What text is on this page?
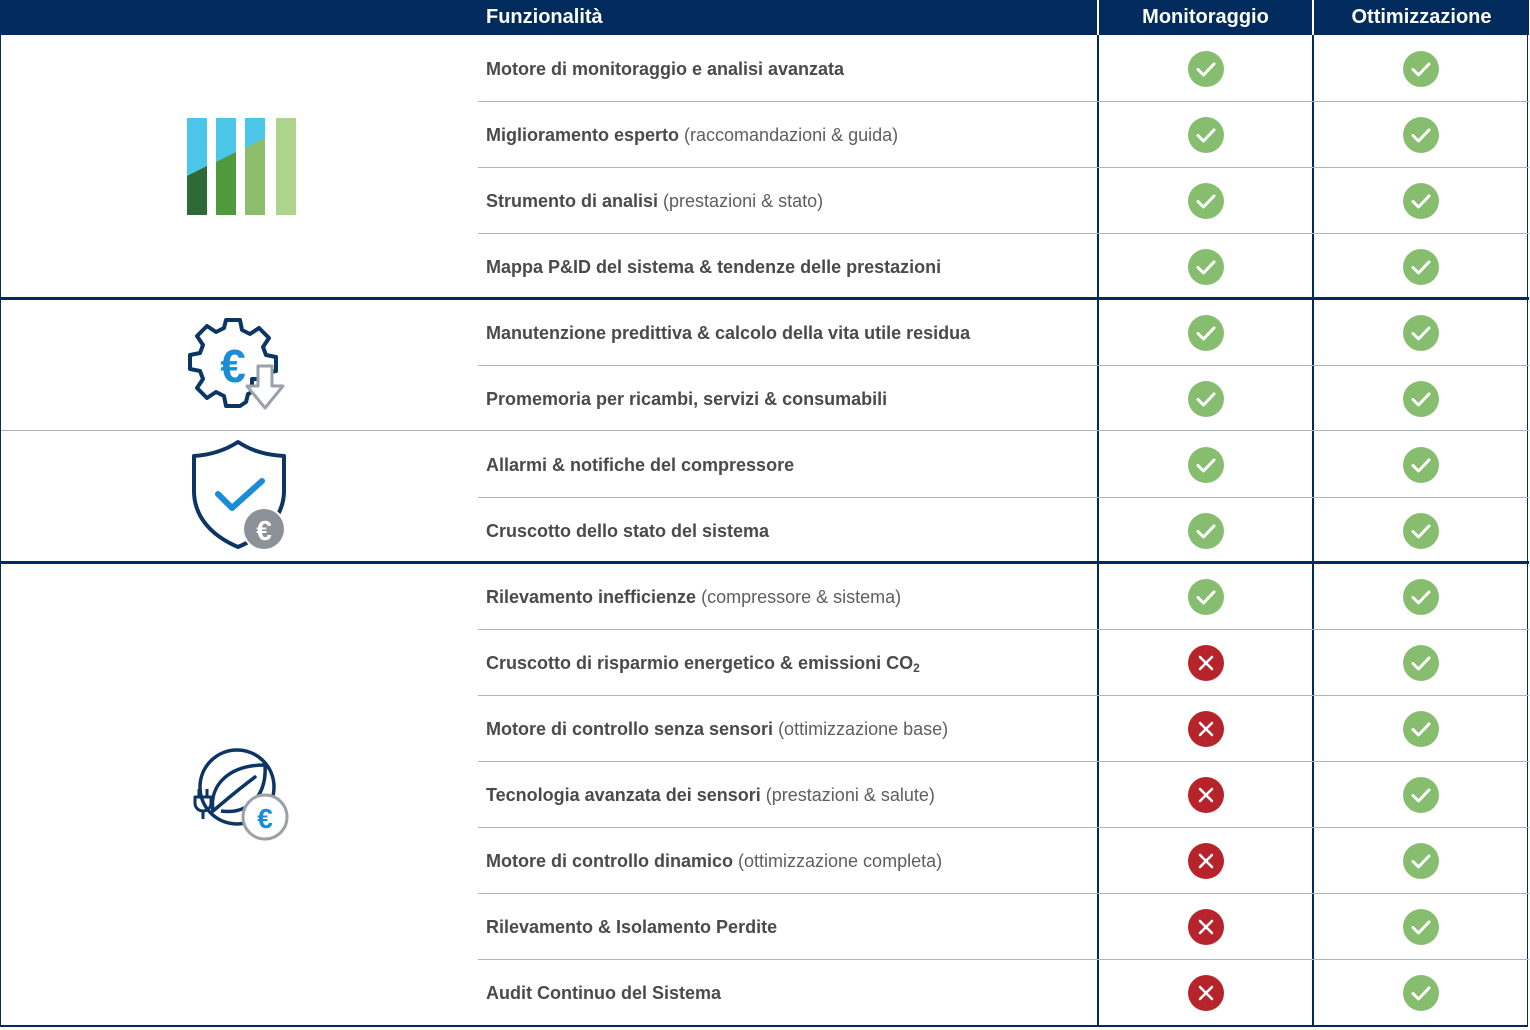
Funzionalità	Monitoraggio	Ottimizzazione
Motore di monitoraggio e analisi avanzata
Miglioramento esperto (raccomandazioni & guida)
Strumento di analisi (prestazioni & stato)
Mappa P&ID del sistema & tendenze delle prestazioni
Manutenzione predittiva & calcolo della vita utile residua
Promemoria per ricambi, servizi & consumabili
Allarmi & notifiche del compressore
Cruscotto dello stato del sistema
Rilevamento inefficienze (compressore & sistema)
Cruscotto di risparmio energetico & emissioni $CO_2$
Motore di controllo senza sensori (ottimizzazione base)
Tecnologia avanzata dei sensori (prestazioni & salute)
Motore di controllo dinamico (ottimizzazione completa)
Rilevamento & Isolamento Perdite
Audit Continuo del Sistema
€
€
€
